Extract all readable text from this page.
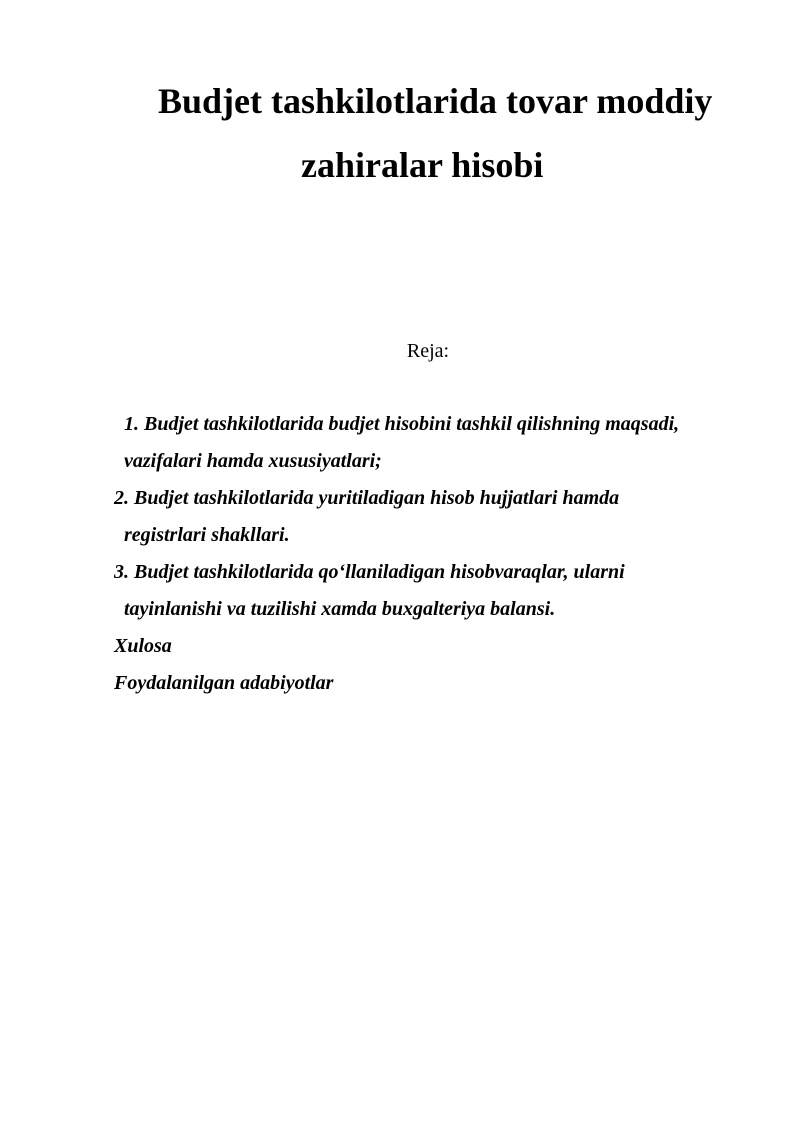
Budjet tashkilotlarida tovar moddiy
zahiralar hisobi
Reja:
1. Budjet tashkilotlarida budjet hisobini tashkil qilishning maqsadi,
vazifalari hamda xususiyatlari;
2. Budjet tashkilotlarida yuritiladigan hisob hujjatlari hamda
registrlari shakllari.
3. Budjet tashkilotlarida qo‘llaniladigan hisobvaraqlar, ularni
tayinlanishi va tuzilishi xamda buxgalteriya balansi.
Xulosa
Foydalanilgan adabiyotlar
